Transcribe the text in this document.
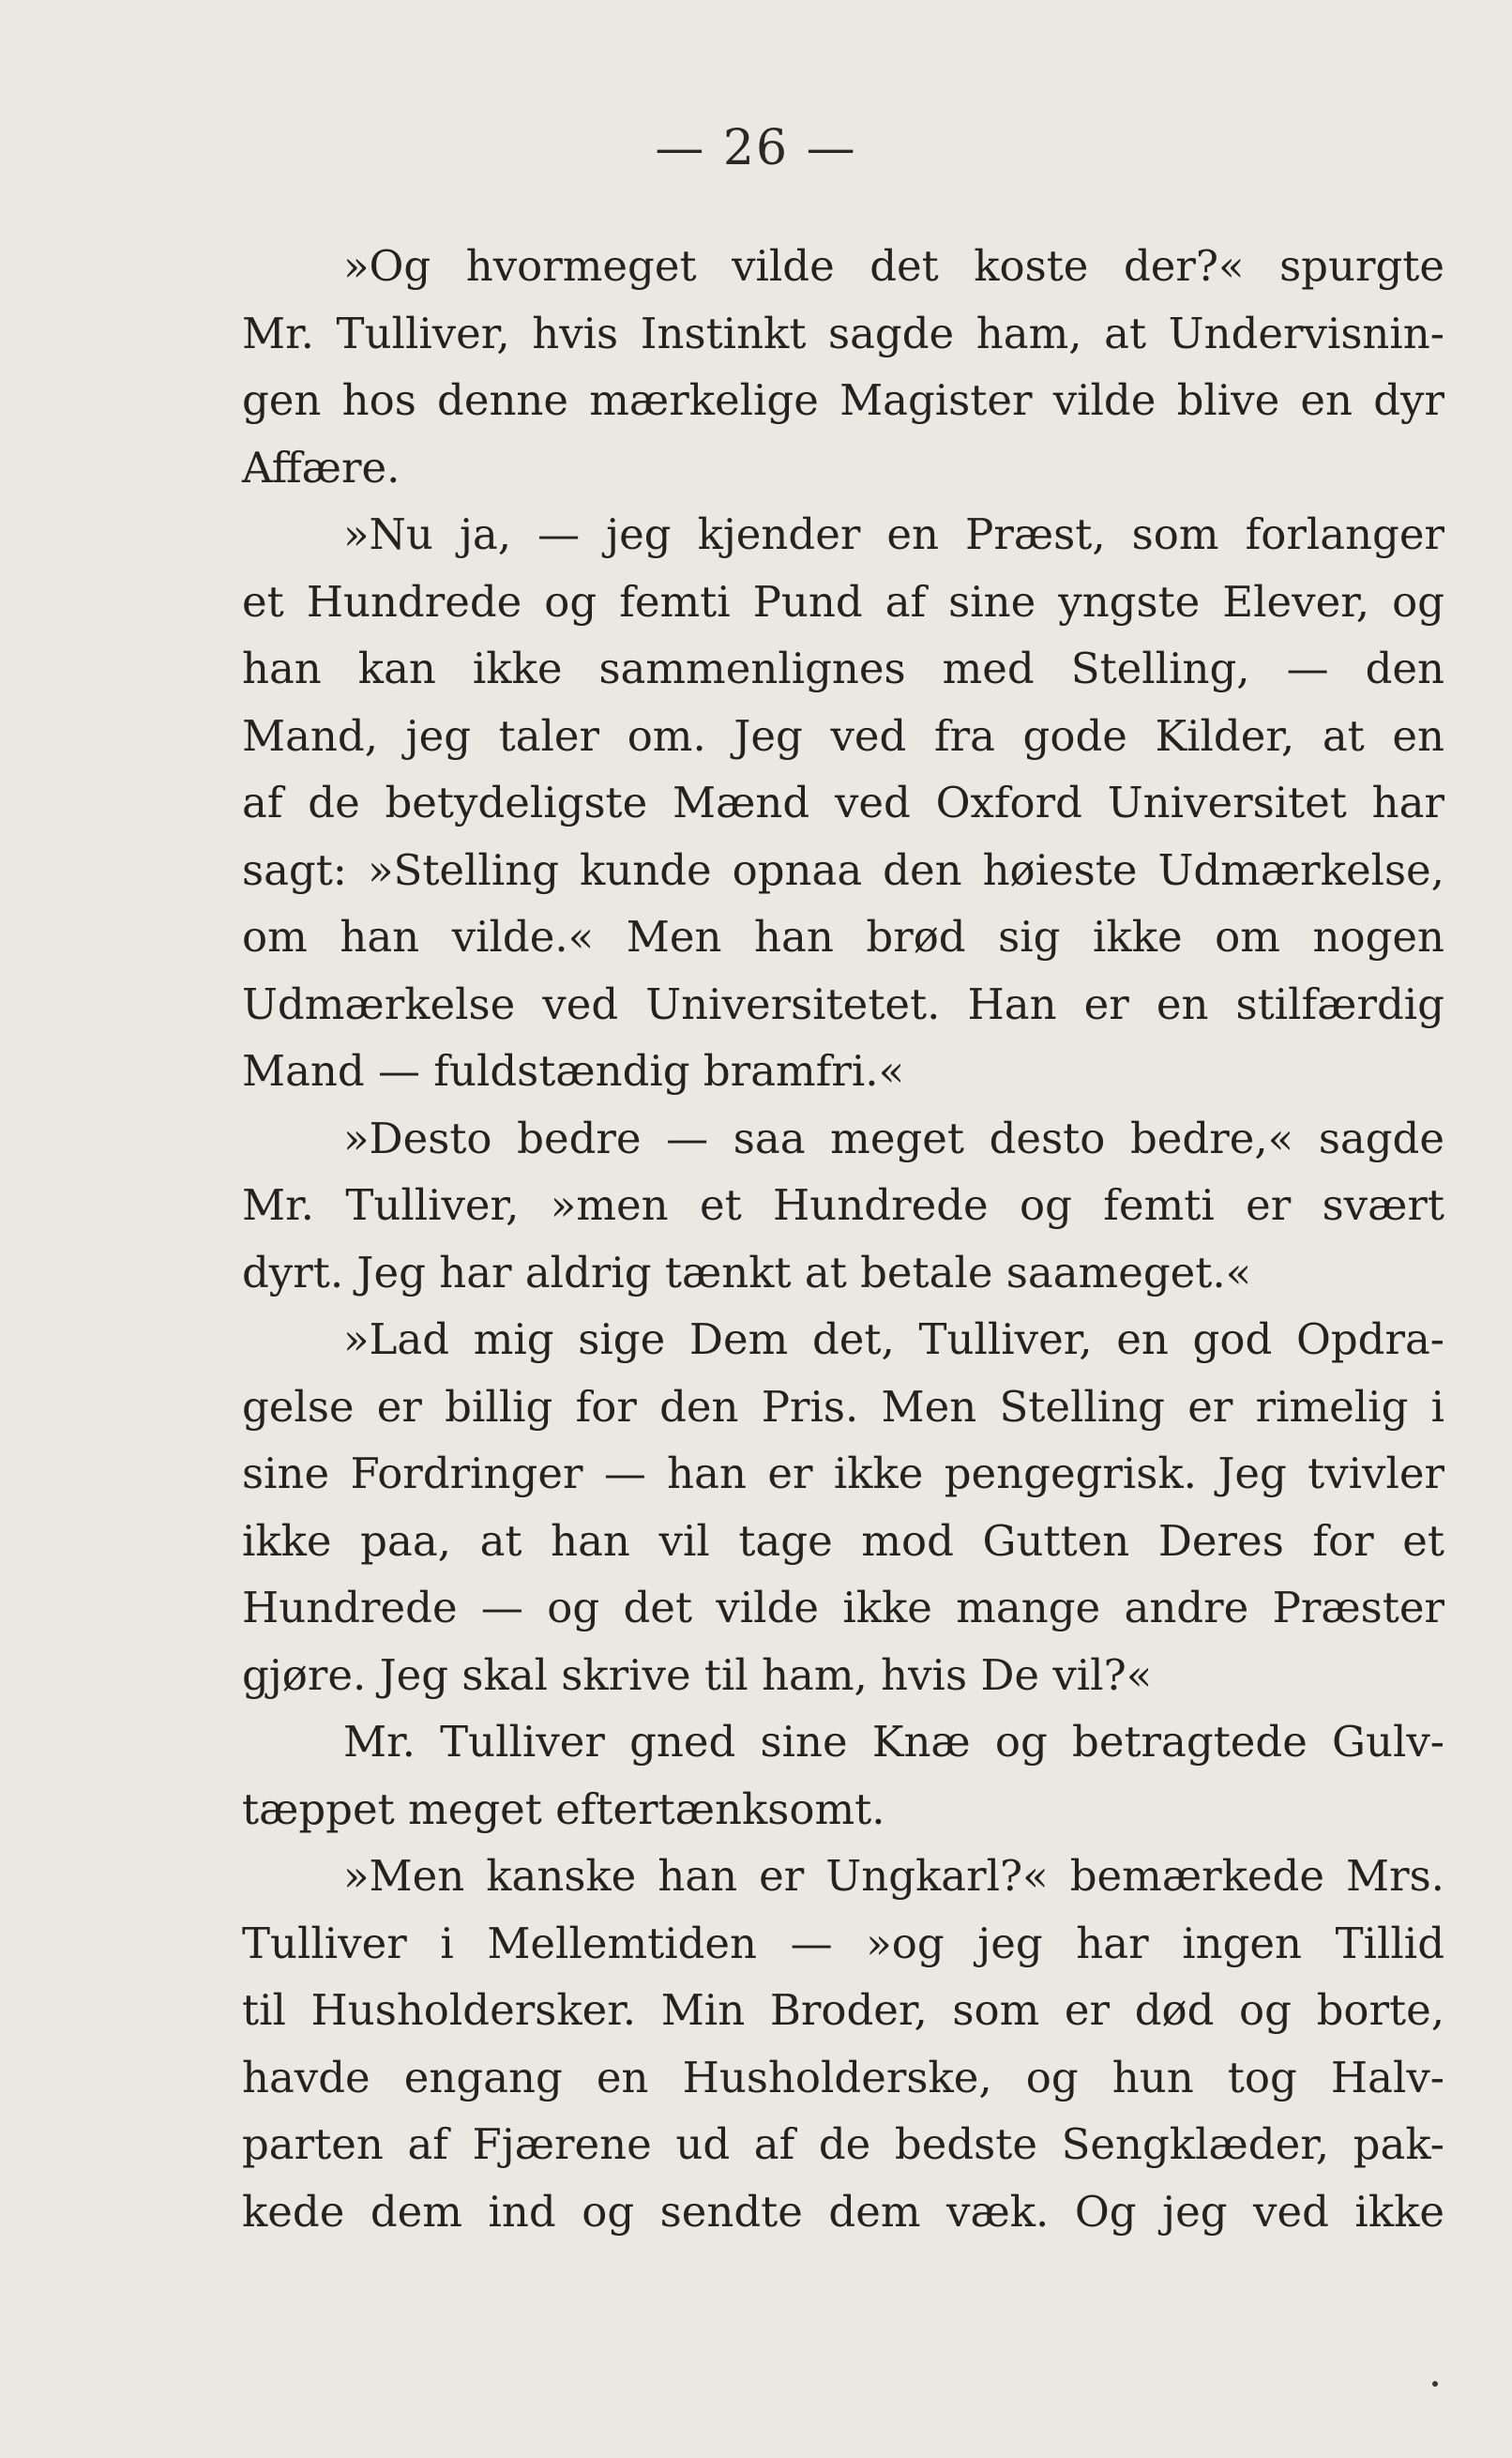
— 26 —
»Og hvormeget vilde det koste der?« spurgte
Mr. Tulliver, hvis Instinkt sagde ham, at Undervisnin-
gen hos denne mærkelige Magister vilde blive en dyr
Affære.
»Nu ja, — jeg kjender en Præst, som forlanger
et Hundrede og femti Pund af sine yngste Elever, og
han kan ikke sammenlignes med Stelling, — den
Mand, jeg taler om. Jeg ved fra gode Kilder, at en
af de betydeligste Mænd ved Oxford Universitet har
sagt: »Stelling kunde opnaa den høieste Udmærkelse,
om han vilde.« Men han brød sig ikke om nogen
Udmærkelse ved Universitetet. Han er en stilfærdig
Mand — fuldstændig bramfri.«
»Desto bedre — saa meget desto bedre,« sagde
Mr. Tulliver, »men et Hundrede og femti er svært
dyrt. Jeg har aldrig tænkt at betale saameget.«
»Lad mig sige Dem det, Tulliver, en god Opdra-
gelse er billig for den Pris. Men Stelling er rimelig i
sine Fordringer — han er ikke pengegrisk. Jeg tvivler
ikke paa, at han vil tage mod Gutten Deres for et
Hundrede — og det vilde ikke mange andre Præster
gjøre. Jeg skal skrive til ham, hvis De vil?«
Mr. Tulliver gned sine Knæ og betragtede Gulv-
tæppet meget eftertænksomt.
»Men kanske han er Ungkarl?« bemærkede Mrs.
Tulliver i Mellemtiden — »og jeg har ingen Tillid
til Husholdersker. Min Broder, som er død og borte,
havde engang en Husholderske, og hun tog Halv-
parten af Fjærene ud af de bedste Sengklæder, pak-
kede dem ind og sendte dem væk. Og jeg ved ikke
